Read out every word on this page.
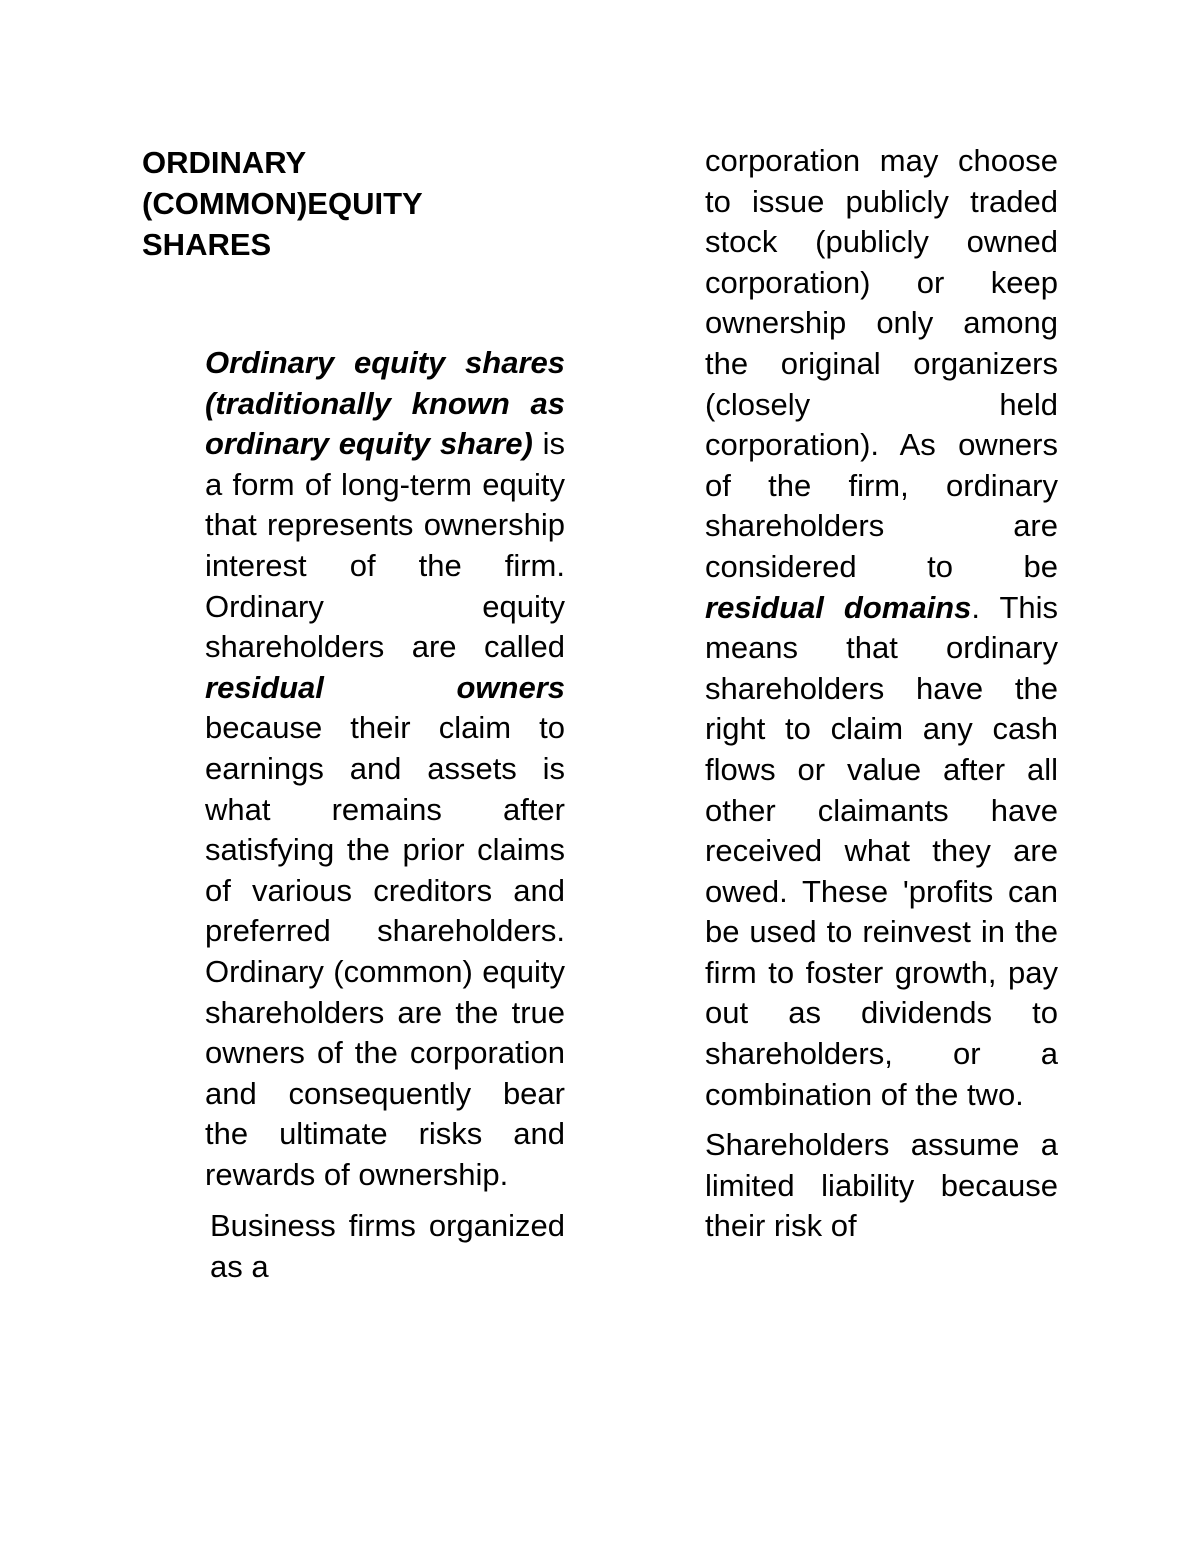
ORDINARY
(COMMON)EQUITY
SHARES

Ordinary equity shares (traditionally known as ordinary equity share) is a form of long-term equity that represents ownership interest of the firm. Ordinary equity shareholders are called residual owners because their claim to earnings and assets is what remains after satisfying the prior claims of various creditors and preferred shareholders. Ordinary (common) equity shareholders are the true owners of the corporation and consequently bear the ultimate risks and rewards of ownership.

Business firms organized as a

corporation may choose to issue publicly traded stock (publicly owned corporation) or keep ownership only among the original organizers (closely held corporation). As owners of the firm, ordinary shareholders are considered to be residual domains. This means that ordinary shareholders have the right to claim any cash flows or value after all other claimants have received what they are owed. These 'profits can be used to reinvest in the firm to foster growth, pay out as dividends to shareholders, or a combination of the two.

Shareholders assume a limited liability because their risk of
